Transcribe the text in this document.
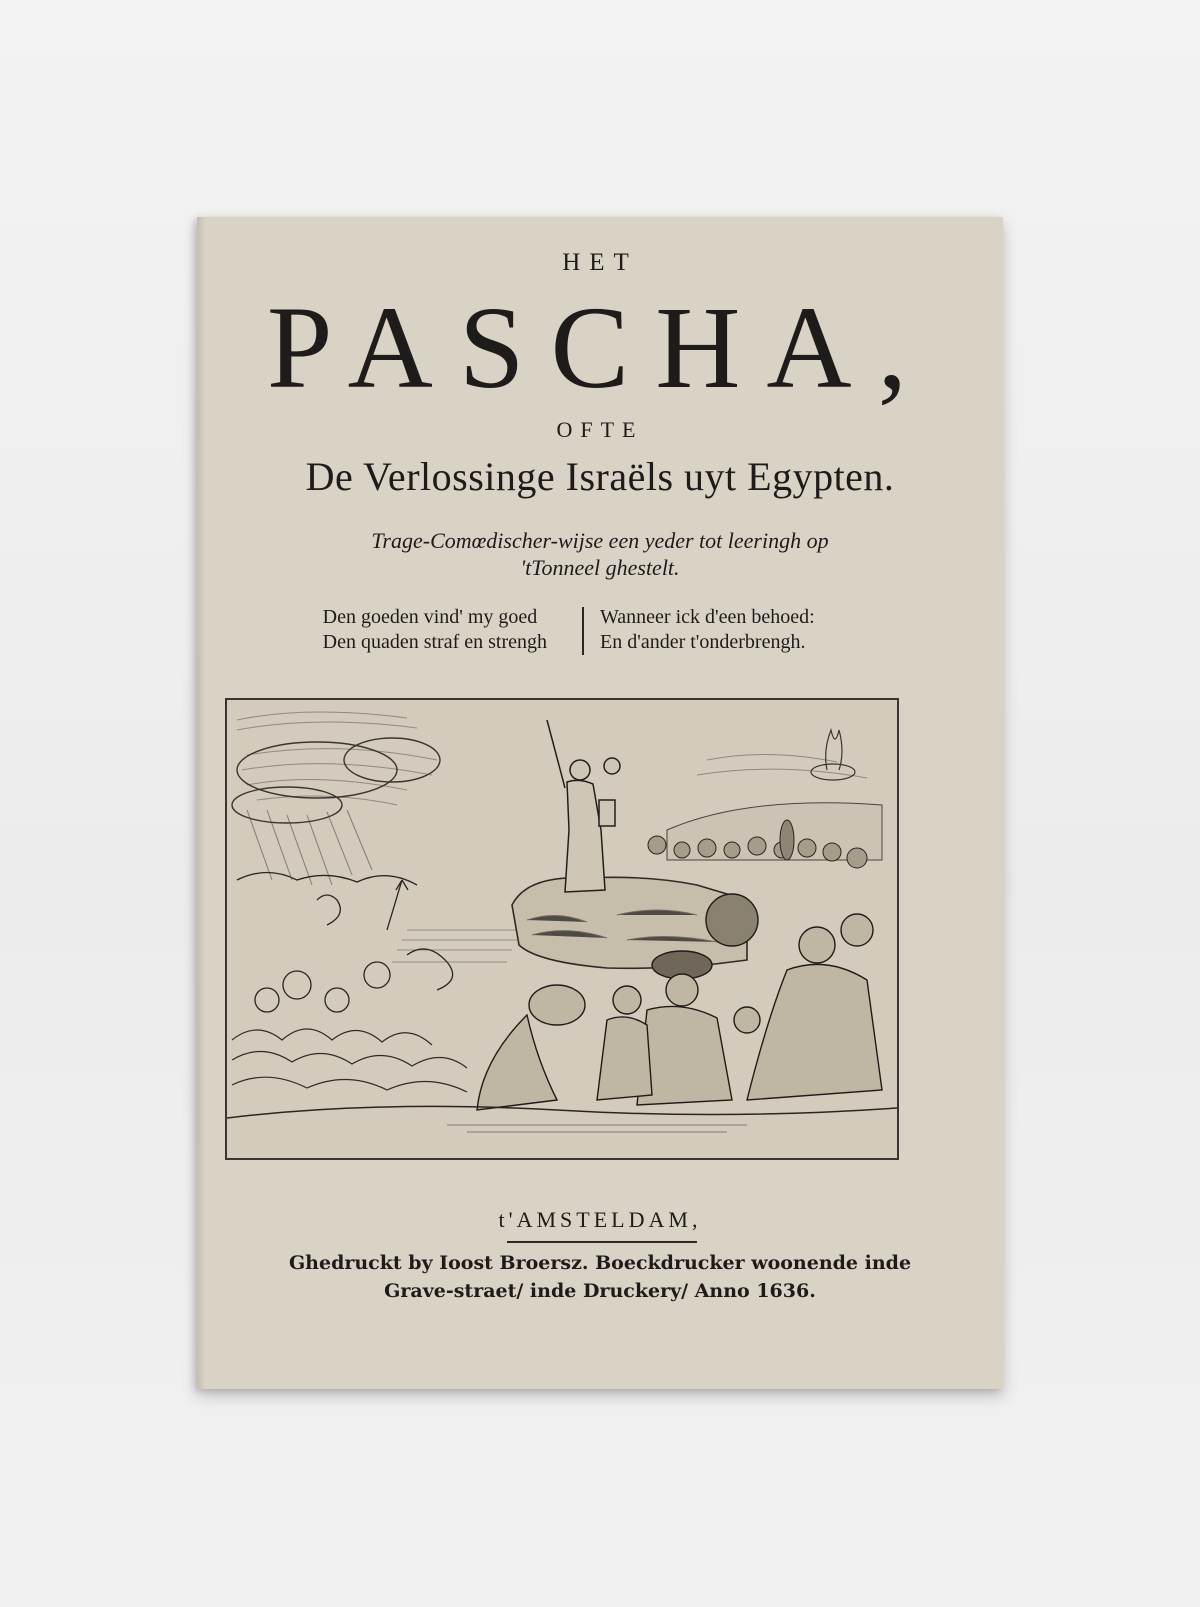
HET
PASCHA,
OFTE
De Verlossinge Israëls uyt Egypten.
Trage-Comœdischer-wijse een yeder tot leeringh op
'tTonneel ghestelt.
Den goeden vind' my goed
Den quaden straf en strengh
Wanneer ick d'een behoed:
En d'ander t'onderbrengh.
t'AMSTELDAM,
Ghedruckt by Ioost Broersz. Boeckdrucker woonende inde
Grave-straet/ inde Druckery/ Anno 1636.
